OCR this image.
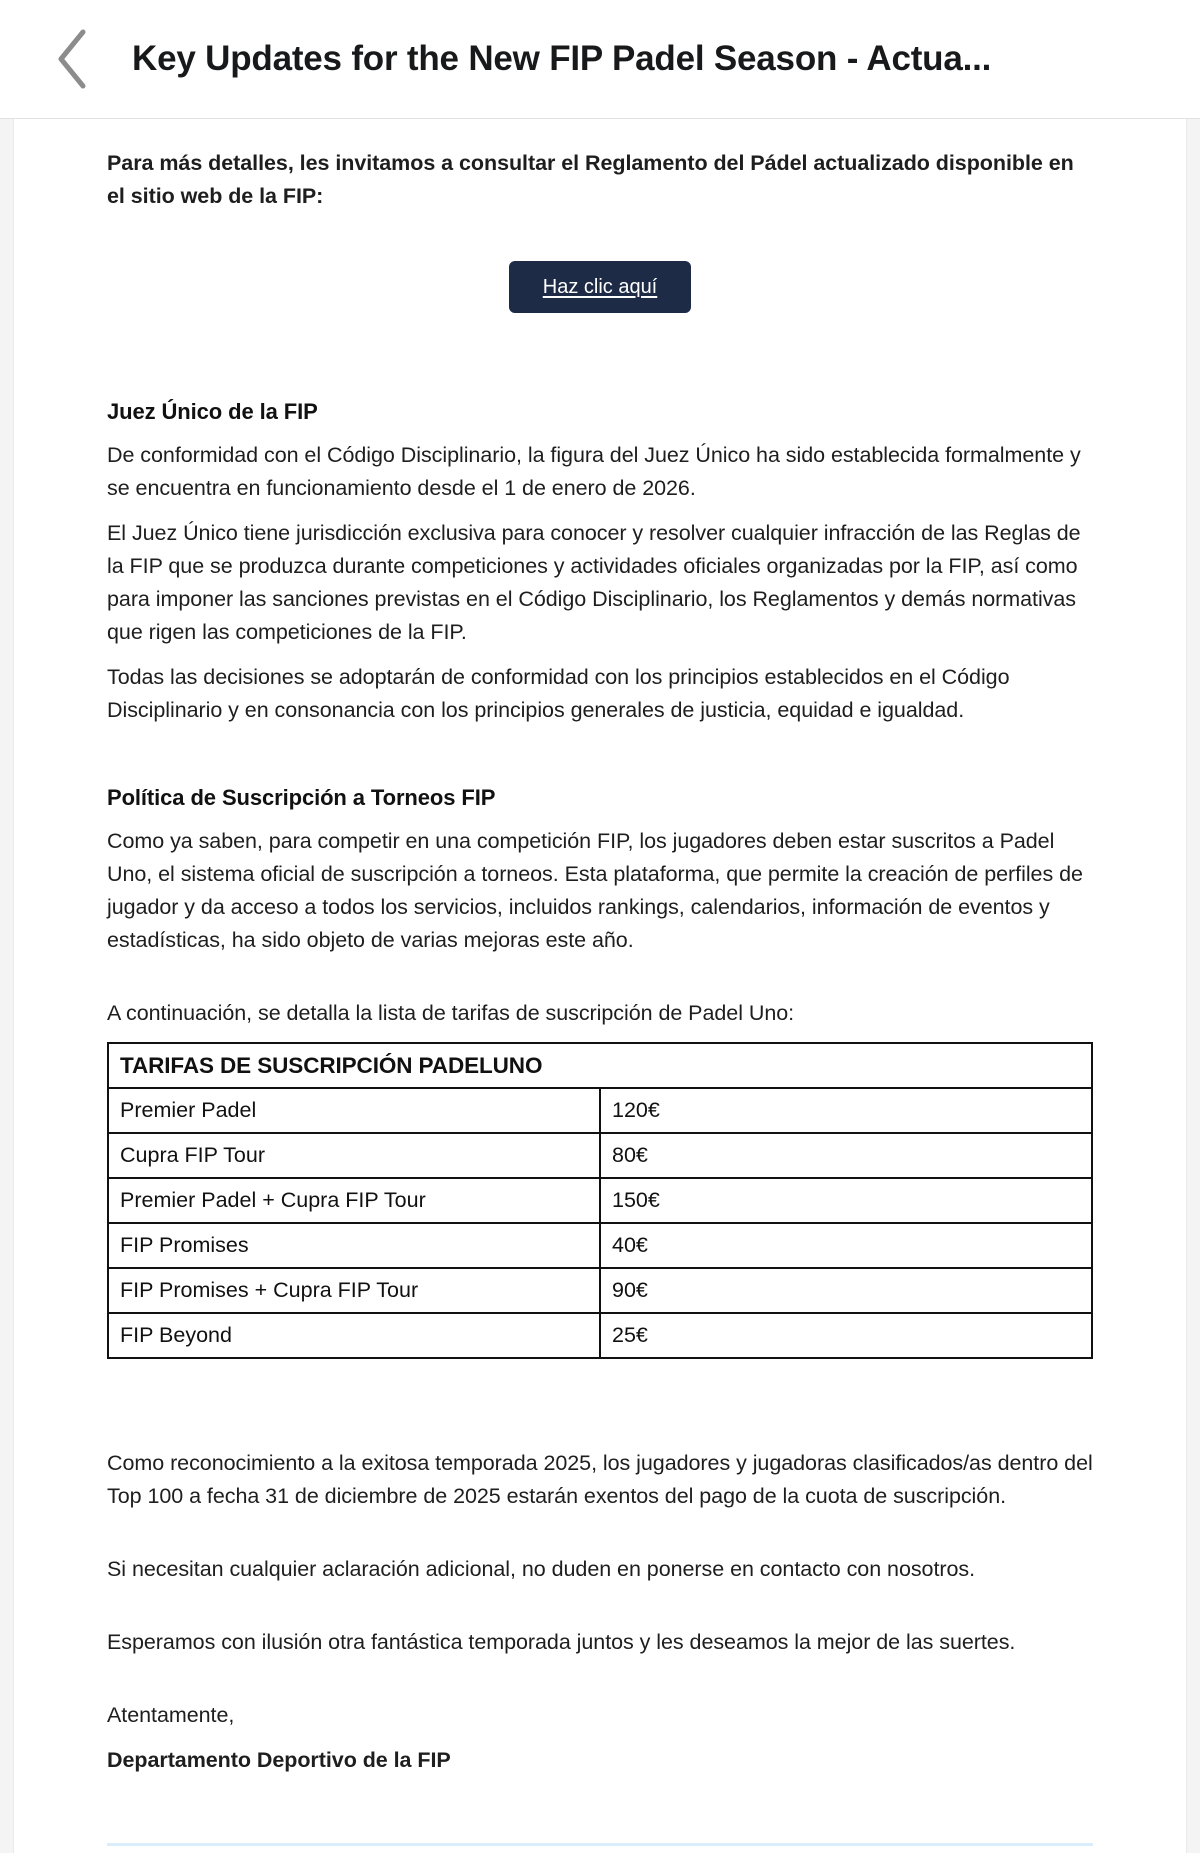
Key Updates for the New FIP Padel Season - Actua...

Para más detalles, les invitamos a consultar el Reglamento del Pádel actualizado disponible en el sitio web de la FIP:

Haz clic aquí
Juez Único de la FIP

De conformidad con el Código Disciplinario, la figura del Juez Único ha sido establecida formalmente y se encuentra en funcionamiento desde el 1 de enero de 2026.

El Juez Único tiene jurisdicción exclusiva para conocer y resolver cualquier infracción de las Reglas de la FIP que se produzca durante competiciones y actividades oficiales organizadas por la FIP, así como para imponer las sanciones previstas en el Código Disciplinario, los Reglamentos y demás normativas que rigen las competiciones de la FIP.

Todas las decisiones se adoptarán de conformidad con los principios establecidos en el Código Disciplinario y en consonancia con los principios generales de justicia, equidad e igualdad.

Política de Suscripción a Torneos FIP

Como ya saben, para competir en una competición FIP, los jugadores deben estar suscritos a Padel Uno, el sistema oficial de suscripción a torneos. Esta plataforma, que permite la creación de perfiles de jugador y da acceso a todos los servicios, incluidos rankings, calendarios, información de eventos y estadísticas, ha sido objeto de varias mejoras este año.

A continuación, se detalla la lista de tarifas de suscripción de Padel Uno:

TARIFAS DE SUSCRIPCIÓN PADELUNO	
Premier Padel	120€
Cupra FIP Tour	80€
Premier Padel + Cupra FIP Tour	150€
FIP Promises	40€
FIP Promises + Cupra FIP Tour	90€
FIP Beyond	25€

Como reconocimiento a la exitosa temporada 2025, los jugadores y jugadoras clasificados/as dentro del Top 100 a fecha 31 de diciembre de 2025 estarán exentos del pago de la cuota de suscripción.

Si necesitan cualquier aclaración adicional, no duden en ponerse en contacto con nosotros.

Esperamos con ilusión otra fantástica temporada juntos y les deseamos la mejor de las suertes.

Atentamente,

Departamento Deportivo de la FIP
